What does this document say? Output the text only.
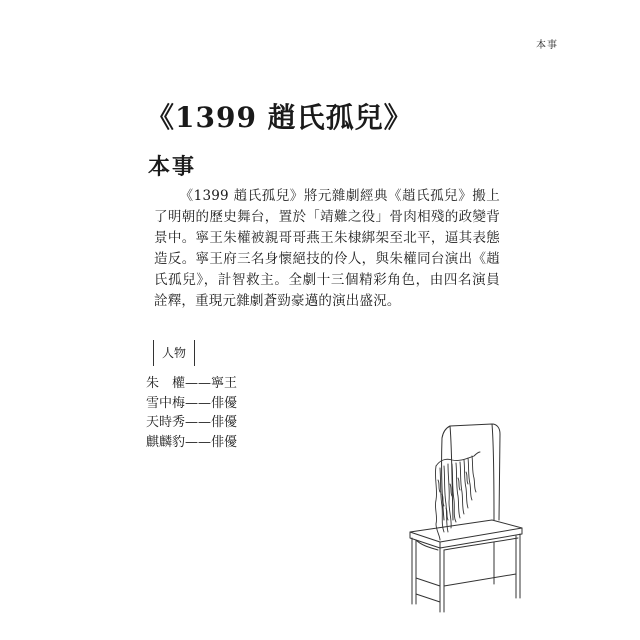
本事
《1399 趙氏孤兒》
本事

《1399 趙氏孤兒》將元雜劇經典《趙氏孤兒》搬上了明朝的歷史舞台，置於「靖難之役」骨肉相殘的政變背景中。寧王朱權被親哥哥燕王朱棣綁架至北平，逼其表態造反。寧王府三名身懷絕技的伶人，與朱權同台演出《趙氏孤兒》，計智救主。全劇十三個精彩角色，由四名演員詮釋，重現元雜劇蒼勁豪邁的演出盛況。

人物
朱　權——寧王
雪中梅——俳優
天時秀——俳優
麒麟豹——俳優
